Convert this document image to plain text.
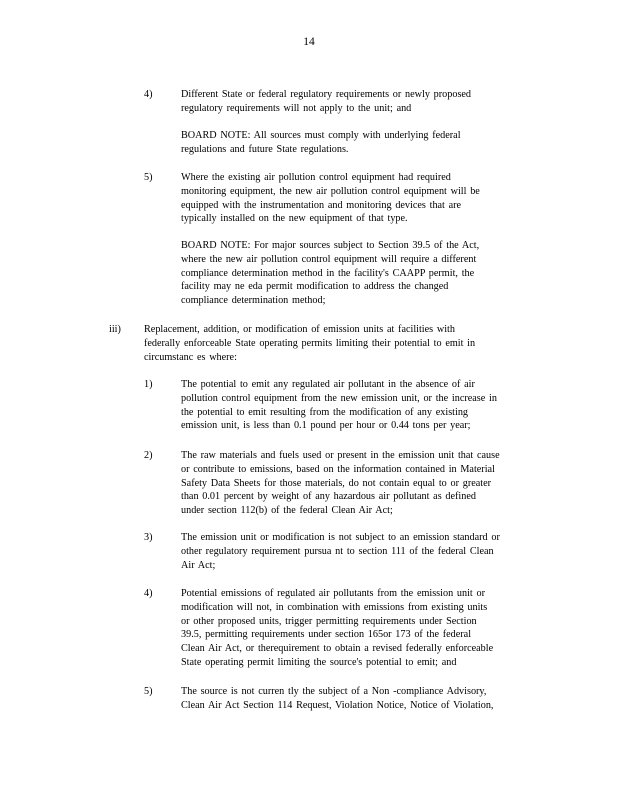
14
4)	Different State or federal regulatory requirements or newly proposed
regulatory requirements will not apply to the unit; and
BOARD NOTE: All sources must comply with underlying federal
regulations and future State regulations.
5)	Where the existing air pollution control equipment had required
monitoring equipment, the new air pollution control equipment will be
equipped with the instrumentation and monitoring devices that are
typically installed on the new equipment of that type.
BOARD NOTE: For major sources subject to Section 39.5 of the Act,
where the new air pollution control equipment will require a different
compliance determination method in the facility's CAAPP permit, the
facility may ne eda permit modification to address the changed
compliance determination method;
iii) Replacement, addition, or modification of emission units at facilities with
federally enforceable State operating permits limiting their potential to emit in
circumstanc es where:
1)	The potential to emit any regulated air pollutant in the absence of air
pollution control equipment from the new emission unit, or the increase in
the potential to emit resulting from the modification of any existing
emission unit, is less than 0.1 pound per hour or 0.44 tons per year;
2)	The raw materials and fuels used or present in the emission unit that cause
or contribute to emissions, based on the information contained in Material
Safety Data Sheets for those materials, do not contain equal to or greater
than 0.01 percent by weight of any hazardous air pollutant as defined
under section 112(b) of the federal Clean Air Act;
3)	The emission unit or modification is not subject to an emission standard or
other regulatory requirement pursua nt to section 111 of the federal Clean
Air Act;
4)	Potential emissions of regulated air pollutants from the emission unit or
modification will not, in combination with emissions from existing units
or other proposed units, trigger permitting requirements under Section
39.5, permitting requirements under section 165or 173 of the federal
Clean Air Act, or therequirement to obtain a revised federally enforceable
State operating permit limiting the source's potential to emit; and
5)	The source is not curren tly the subject of a Non -compliance Advisory,
Clean Air Act Section 114 Request, Violation Notice, Notice of Violation,
